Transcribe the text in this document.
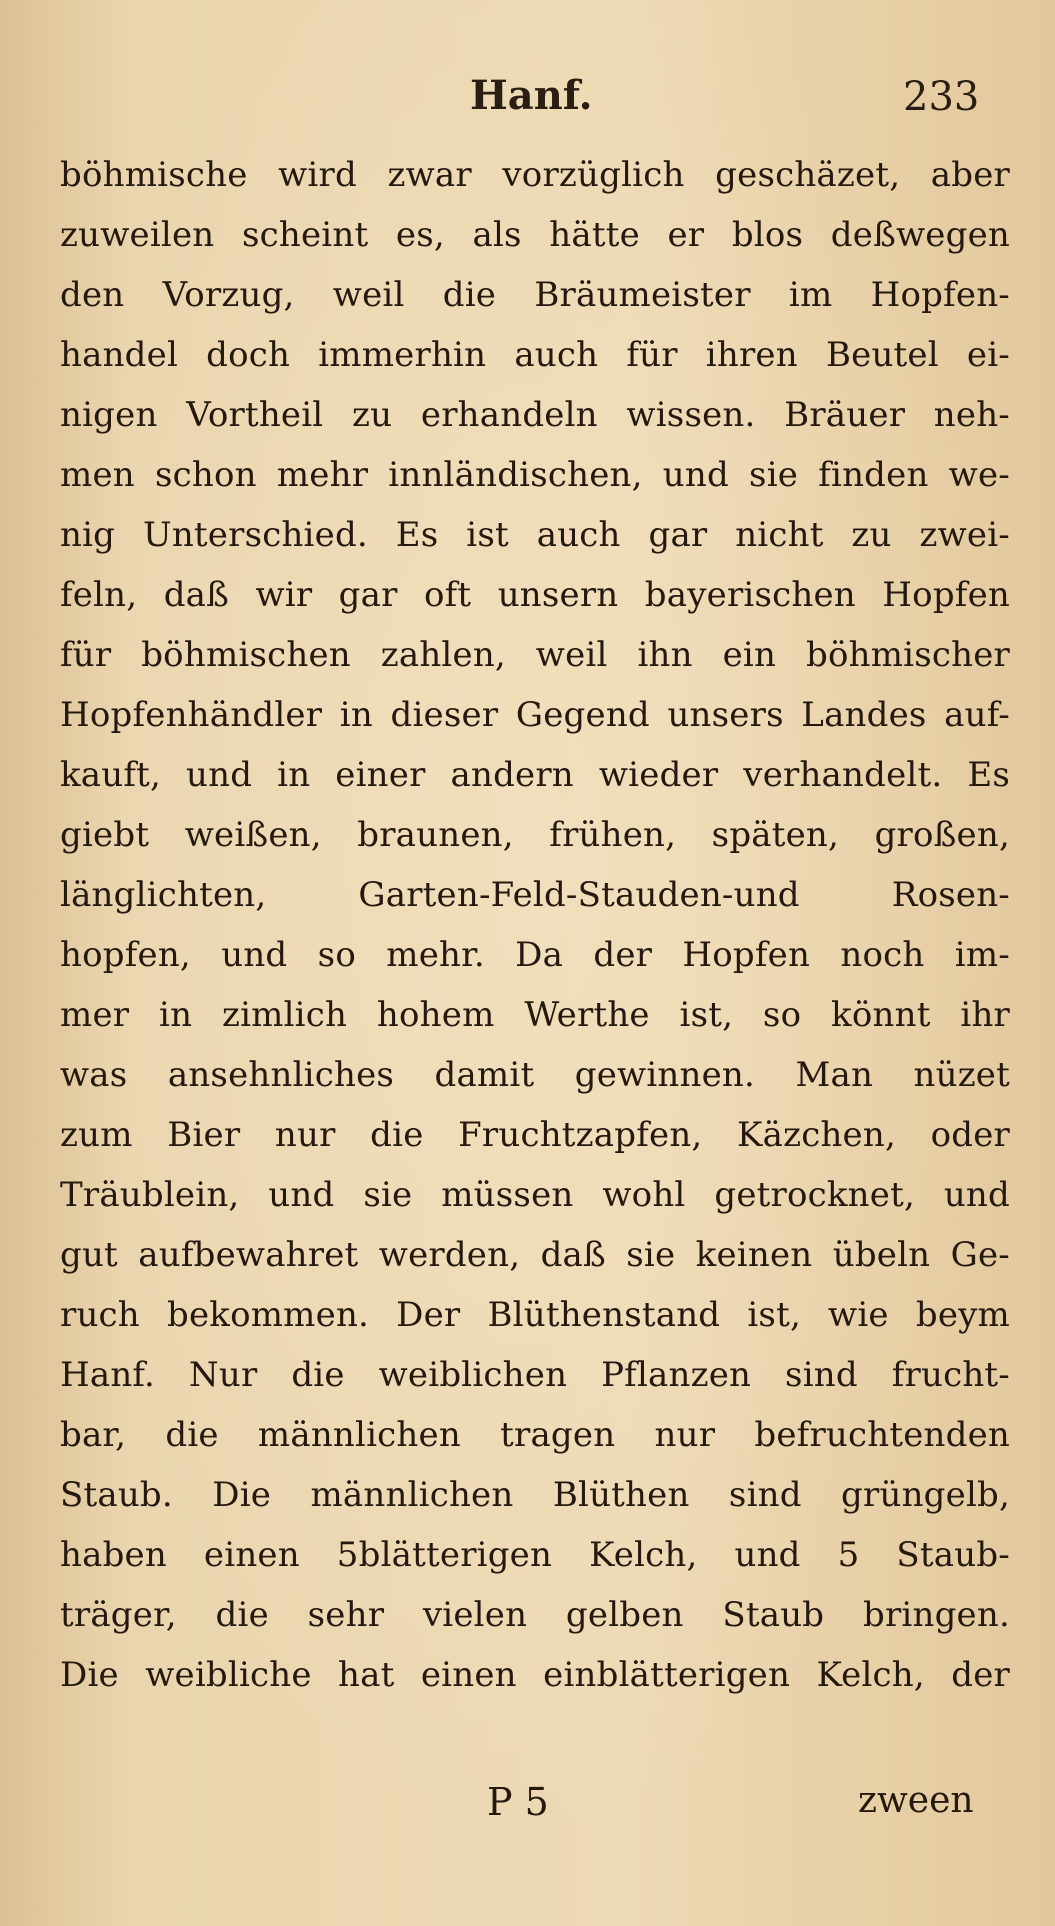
Hanf.	233
böhmische wird zwar vorzüglich geschäzet, aber
zuweilen scheint es, als hätte er blos deßwegen
den Vorzug, weil die Bräumeister im Hopfen-
handel doch immerhin auch für ihren Beutel ei-
nigen Vortheil zu erhandeln wissen. Bräuer neh-
men schon mehr innländischen, und sie finden we-
nig Unterschied. Es ist auch gar nicht zu zwei-
feln, daß wir gar oft unsern bayerischen Hopfen
für böhmischen zahlen, weil ihn ein böhmischer
Hopfenhändler in dieser Gegend unsers Landes auf-
kauft, und in einer andern wieder verhandelt. Es
giebt weißen, braunen, frühen, späten, großen,
länglichten, Garten-Feld-Stauden-und Rosen-
hopfen, und so mehr. Da der Hopfen noch im-
mer in zimlich hohem Werthe ist, so könnt ihr
was ansehnliches damit gewinnen. Man nüzet
zum Bier nur die Fruchtzapfen, Käzchen, oder
Träublein, und sie müssen wohl getrocknet, und
gut aufbewahret werden, daß sie keinen übeln Ge-
ruch bekommen. Der Blüthenstand ist, wie beym
Hanf. Nur die weiblichen Pflanzen sind frucht-
bar, die männlichen tragen nur befruchtenden
Staub. Die männlichen Blüthen sind grüngelb,
haben einen 5blätterigen Kelch, und 5 Staub-
träger, die sehr vielen gelben Staub bringen.
Die weibliche hat einen einblätterigen Kelch, der
P 5	zween
